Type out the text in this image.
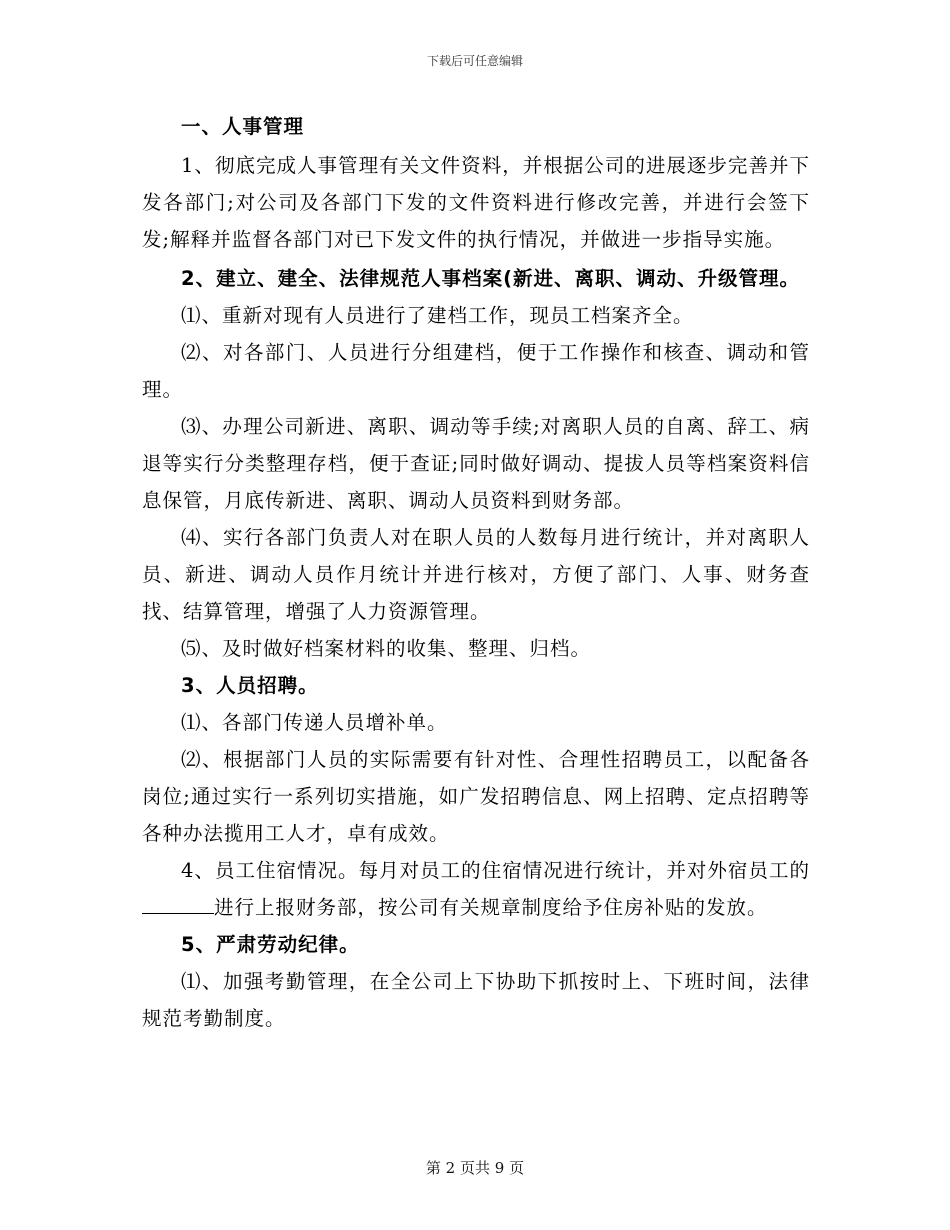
下载后可任意编辑

一、人事管理

1、彻底完成人事管理有关文件资料，并根据公司的进展逐步完善并下发各部门;对公司及各部门下发的文件资料进行修改完善，并进行会签下发;解释并监督各部门对已下发文件的执行情况，并做进一步指导实施。

2、建立、建全、法律规范人事档案(新进、离职、调动、升级管理。

⑴、重新对现有人员进行了建档工作，现员工档案齐全。

⑵、对各部门、人员进行分组建档，便于工作操作和核查、调动和管理。

⑶、办理公司新进、离职、调动等手续;对离职人员的自离、辞工、病退等实行分类整理存档，便于查证;同时做好调动、提拔人员等档案资料信息保管，月底传新进、离职、调动人员资料到财务部。

⑷、实行各部门负责人对在职人员的人数每月进行统计，并对离职人员、新进、调动人员作月统计并进行核对，方便了部门、人事、财务查找、结算管理，增强了人力资源管理。

⑸、及时做好档案材料的收集、整理、归档。

3、人员招聘。

⑴、各部门传递人员增补单。

⑵、根据部门人员的实际需要有针对性、合理性招聘员工，以配备各岗位;通过实行一系列切实措施，如广发招聘信息、网上招聘、定点招聘等各种办法揽用工人才，卓有成效。

4、员工住宿情况。每月对员工的住宿情况进行统计，并对外宿员工的进行上报财务部，按公司有关规章制度给予住房补贴的发放。

5、严肃劳动纪律。

⑴、加强考勤管理，在全公司上下协助下抓按时上、下班时间，法律规范考勤制度。

第 2 页共 9 页
